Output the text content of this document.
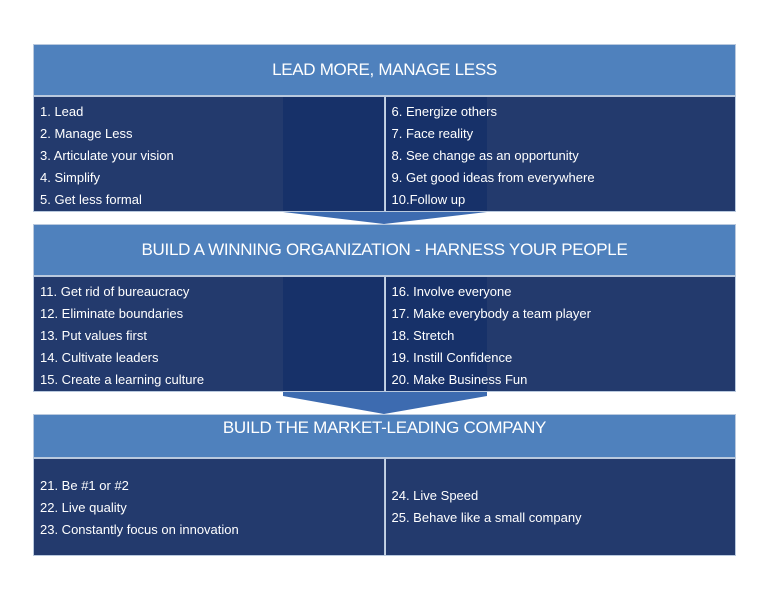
LEAD MORE, MANAGE LESS
1. Lead
2. Manage Less
3. Articulate your vision
4. Simplify
5. Get less formal
6. Energize others
7. Face reality
8. See change as an opportunity
9. Get good ideas from everywhere
10.Follow up
BUILD A WINNING ORGANIZATION - HARNESS YOUR PEOPLE
11. Get rid of bureaucracy
12. Eliminate boundaries
13. Put values first
14. Cultivate leaders
15. Create a learning culture
16. Involve everyone
17. Make everybody a team player
18. Stretch
19. Instill Confidence
20. Make Business Fun
BUILD THE MARKET-LEADING COMPANY
21. Be #1 or #2
22. Live quality
23. Constantly focus on innovation
24. Live Speed
25. Behave like a small company
